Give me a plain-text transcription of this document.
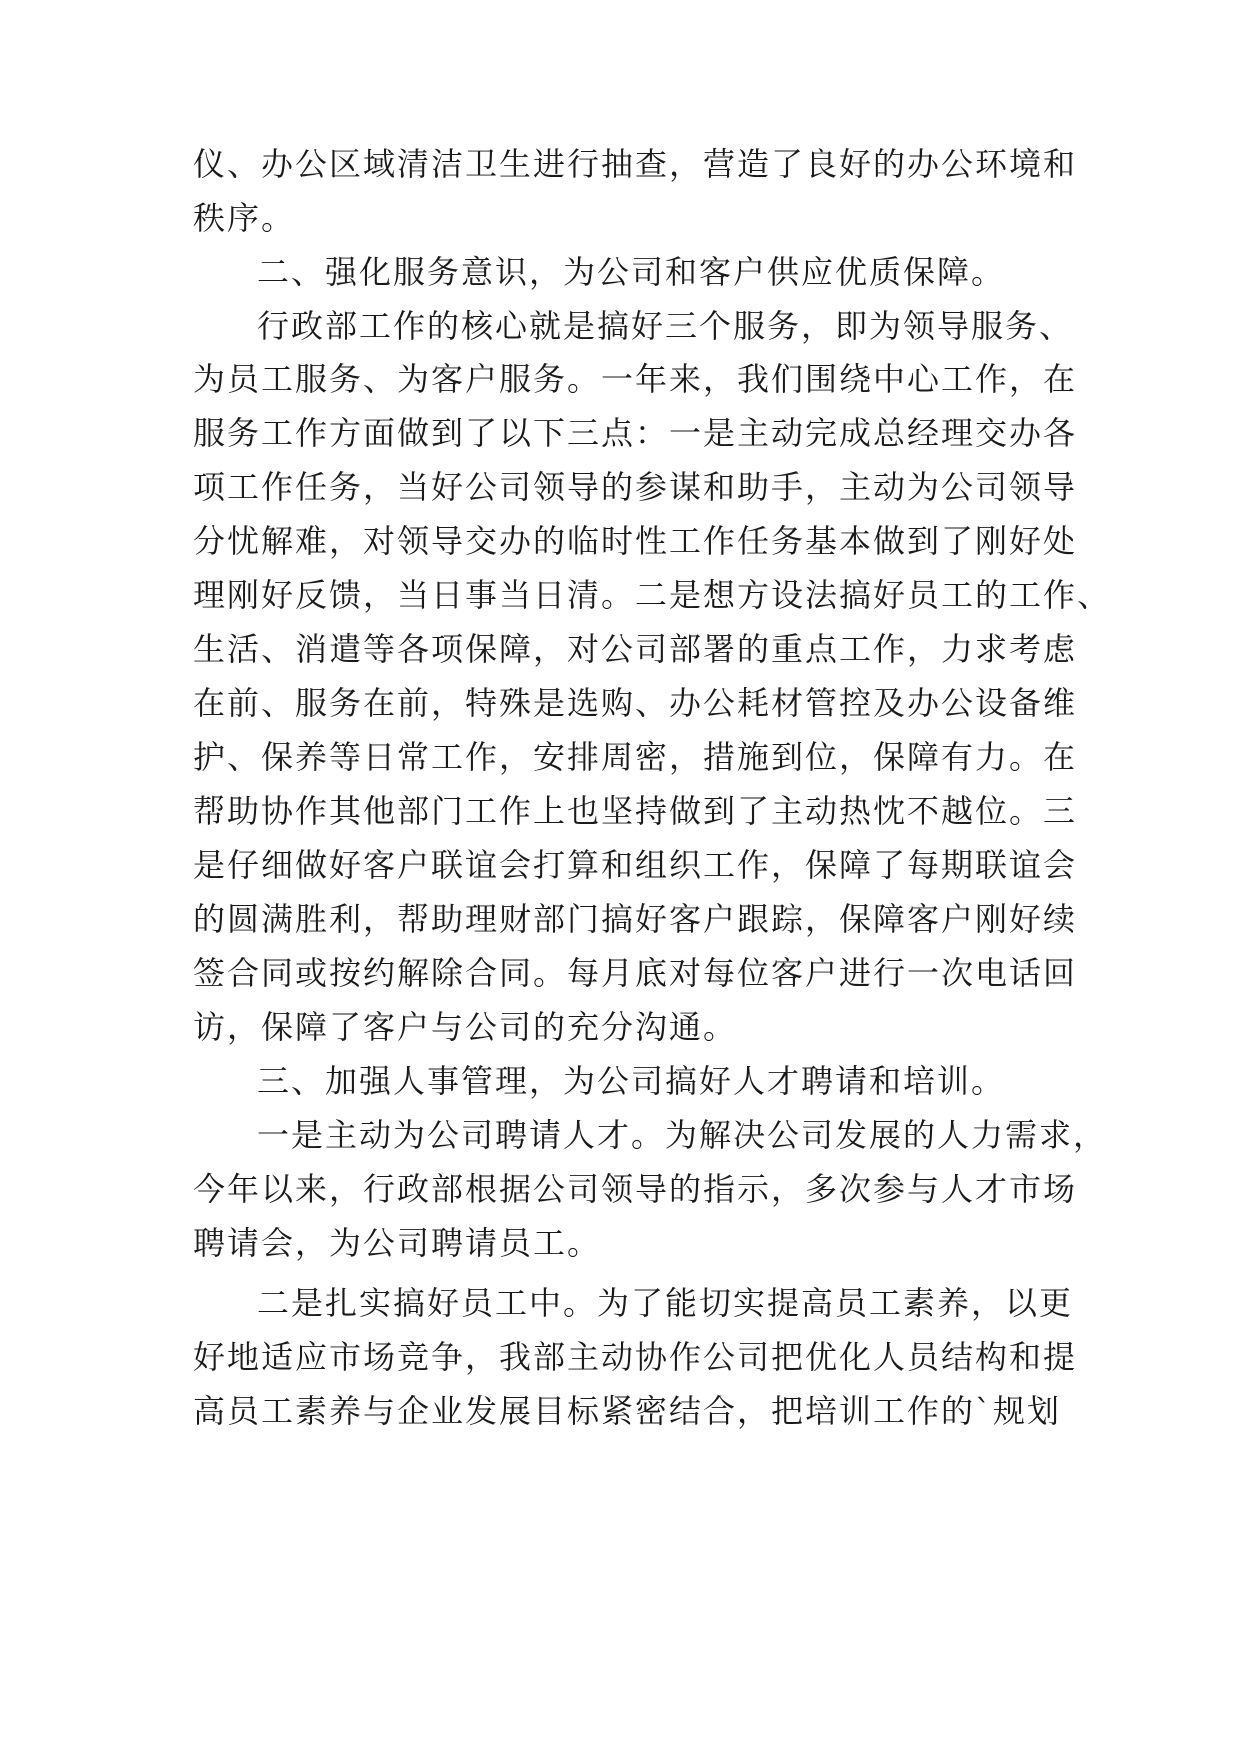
仪、办公区域清洁卫生进行抽查，营造了良好的办公环境和
秩序。
二、强化服务意识，为公司和客户供应优质保障。
行政部工作的核心就是搞好三个服务，即为领导服务、
为员工服务、为客户服务。一年来，我们围绕中心工作，在
服务工作方面做到了以下三点：一是主动完成总经理交办各
项工作任务，当好公司领导的参谋和助手，主动为公司领导
分忧解难，对领导交办的临时性工作任务基本做到了刚好处
理刚好反馈，当日事当日清。二是想方设法搞好员工的工作、
生活、消遣等各项保障，对公司部署的重点工作，力求考虑
在前、服务在前，特殊是选购、办公耗材管控及办公设备维
护、保养等日常工作，安排周密，措施到位，保障有力。在
帮助协作其他部门工作上也坚持做到了主动热忱不越位。三
是仔细做好客户联谊会打算和组织工作，保障了每期联谊会
的圆满胜利，帮助理财部门搞好客户跟踪，保障客户刚好续
签合同或按约解除合同。每月底对每位客户进行一次电话回
访，保障了客户与公司的充分沟通。
三、加强人事管理，为公司搞好人才聘请和培训。
一是主动为公司聘请人才。为解决公司发展的人力需求，
今年以来，行政部根据公司领导的指示，多次参与人才市场
聘请会，为公司聘请员工。
二是扎实搞好员工中。为了能切实提高员工素养，以更
好地适应市场竞争，我部主动协作公司把优化人员结构和提
高员工素养与企业发展目标紧密结合，把培训工作的`规划
